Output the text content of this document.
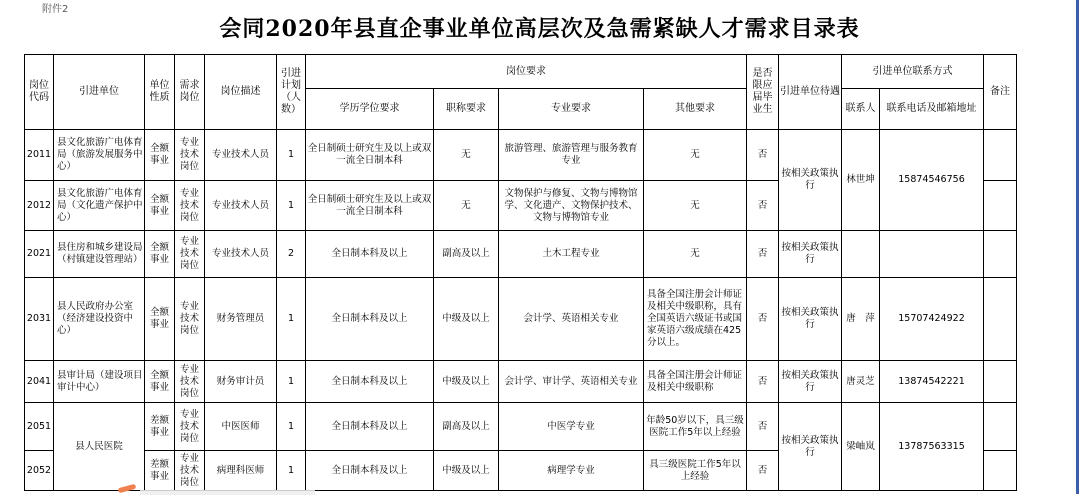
附件2
会同2020年县直企事业单位高层次及急需紧缺人才需求目录表
岗位代码	引进单位	单位性质	需求岗位	岗位描述	引进计划（人数）	岗位要求				是否限应届毕业生	引进单位待遇	引进单位联系方式		备注
						学历学位要求	职称要求	专业要求	其他要求			联系人	联系电话及邮箱地址	
2011	县文化旅游广电体育局（旅游发展服务中心）	全额事业	专业技术岗位	专业技术人员	1	全日制硕士研究生及以上或双一流全日制本科	无	旅游管理、旅游管理与服务教育专业	无	否	按相关政策执行	林世坤	15874546756	
2012	县文化旅游广电体育局（文化遗产保护中心）	全额事业	专业技术岗位	专业技术人员	1	全日制硕士研究生及以上或双一流全日制本科	无	文物保护与修复、文物与博物馆学、文化遗产、文物保护技术、文物与博物馆专业	无	否				
2021	县住房和城乡建设局（村镇建设管理站）	全额事业	专业技术岗位	专业技术人员	2	全日制本科及以上	副高及以上	土木工程专业	无	否	按相关政策执行			
2031	县人民政府办公室（经济建设投资中心）	全额事业	专业技术岗位	财务管理员	1	全日制本科及以上	中级及以上	会计学、英语相关专业	具备全国注册会计师证及相关中级职称，具有全国英语六级证书或国家英语六级成绩在425分以上。	否	按相关政策执行	唐　萍	15707424922	
2041	县审计局（建设项目审计中心）	全额事业	专业技术岗位	财务审计员	1	全日制本科及以上	中级及以上	会计学、审计学、英语相关专业	具备全国注册会计师证及相关中级职称	否	按相关政策执行	唐灵芝	13874542221	
2051	县人民医院	差额事业	专业技术岗位	中医医师	1	全日制本科及以上	副高及以上	中医学专业	年龄50岁以下，具三级医院工作5年以上经验	否	按相关政策执行	梁岫岚	13787563315	
2052		差额事业	专业技术岗位	病理科医师	1	全日制本科及以上	中级及以上	病理学专业	具三级医院工作5年以上经验	否				
